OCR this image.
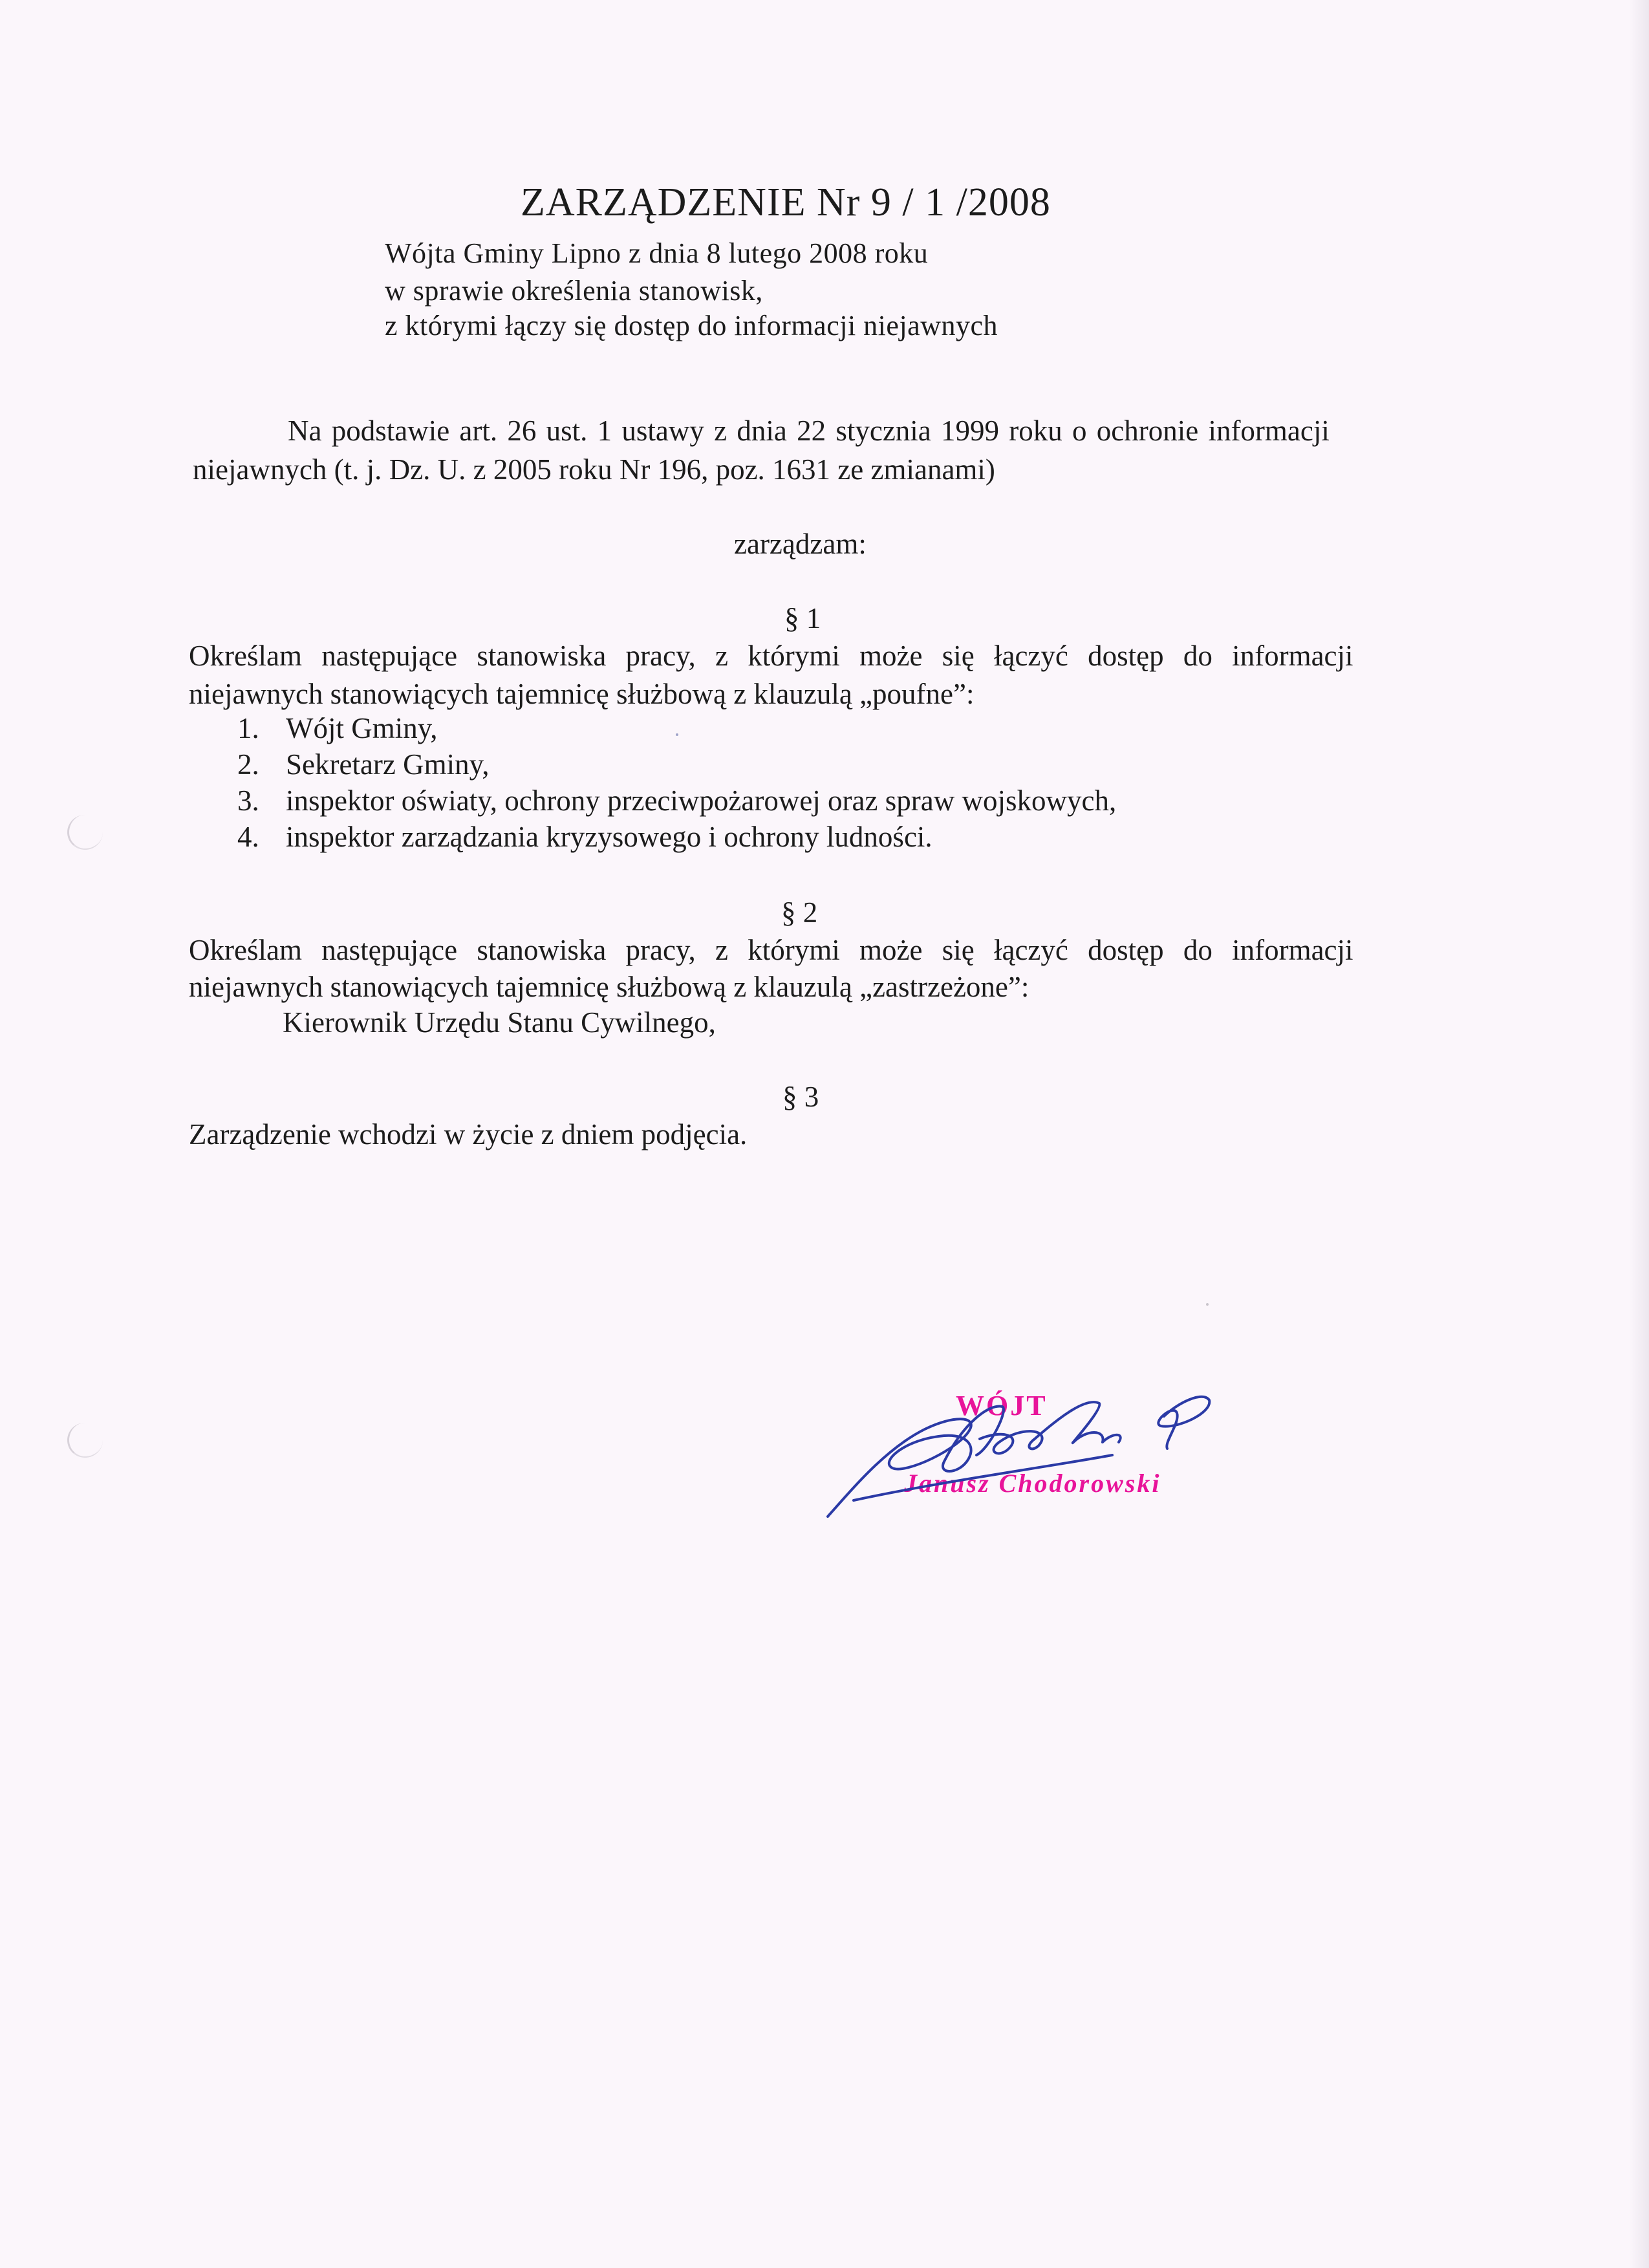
ZARZĄDZENIE Nr 9 / 1 /2008
Wójta Gminy Lipno z dnia 8 lutego 2008 roku
w sprawie określenia stanowisk,
z którymi łączy się dostęp do informacji niejawnych
Na podstawie art. 26 ust. 1 ustawy z dnia 22 stycznia 1999 roku o ochronie informacji
niejawnych (t. j. Dz. U. z 2005 roku Nr 196, poz. 1631 ze zmianami)
zarządzam:
§ 1
Określam następujące stanowiska pracy, z którymi może się łączyć dostęp do informacji
niejawnych stanowiących tajemnicę służbową z klauzulą „poufne”:
1. Wójt Gminy,
2. Sekretarz Gminy,
3. inspektor oświaty, ochrony przeciwpożarowej oraz spraw wojskowych,
4. inspektor zarządzania kryzysowego i ochrony ludności.
§ 2
Określam następujące stanowiska pracy, z którymi może się łączyć dostęp do informacji
niejawnych stanowiących tajemnicę służbową z klauzulą „zastrzeżone”:
Kierownik Urzędu Stanu Cywilnego,
§ 3
Zarządzenie wchodzi w życie z dniem podjęcia.
WÓJT
Janusz Chodorowski
